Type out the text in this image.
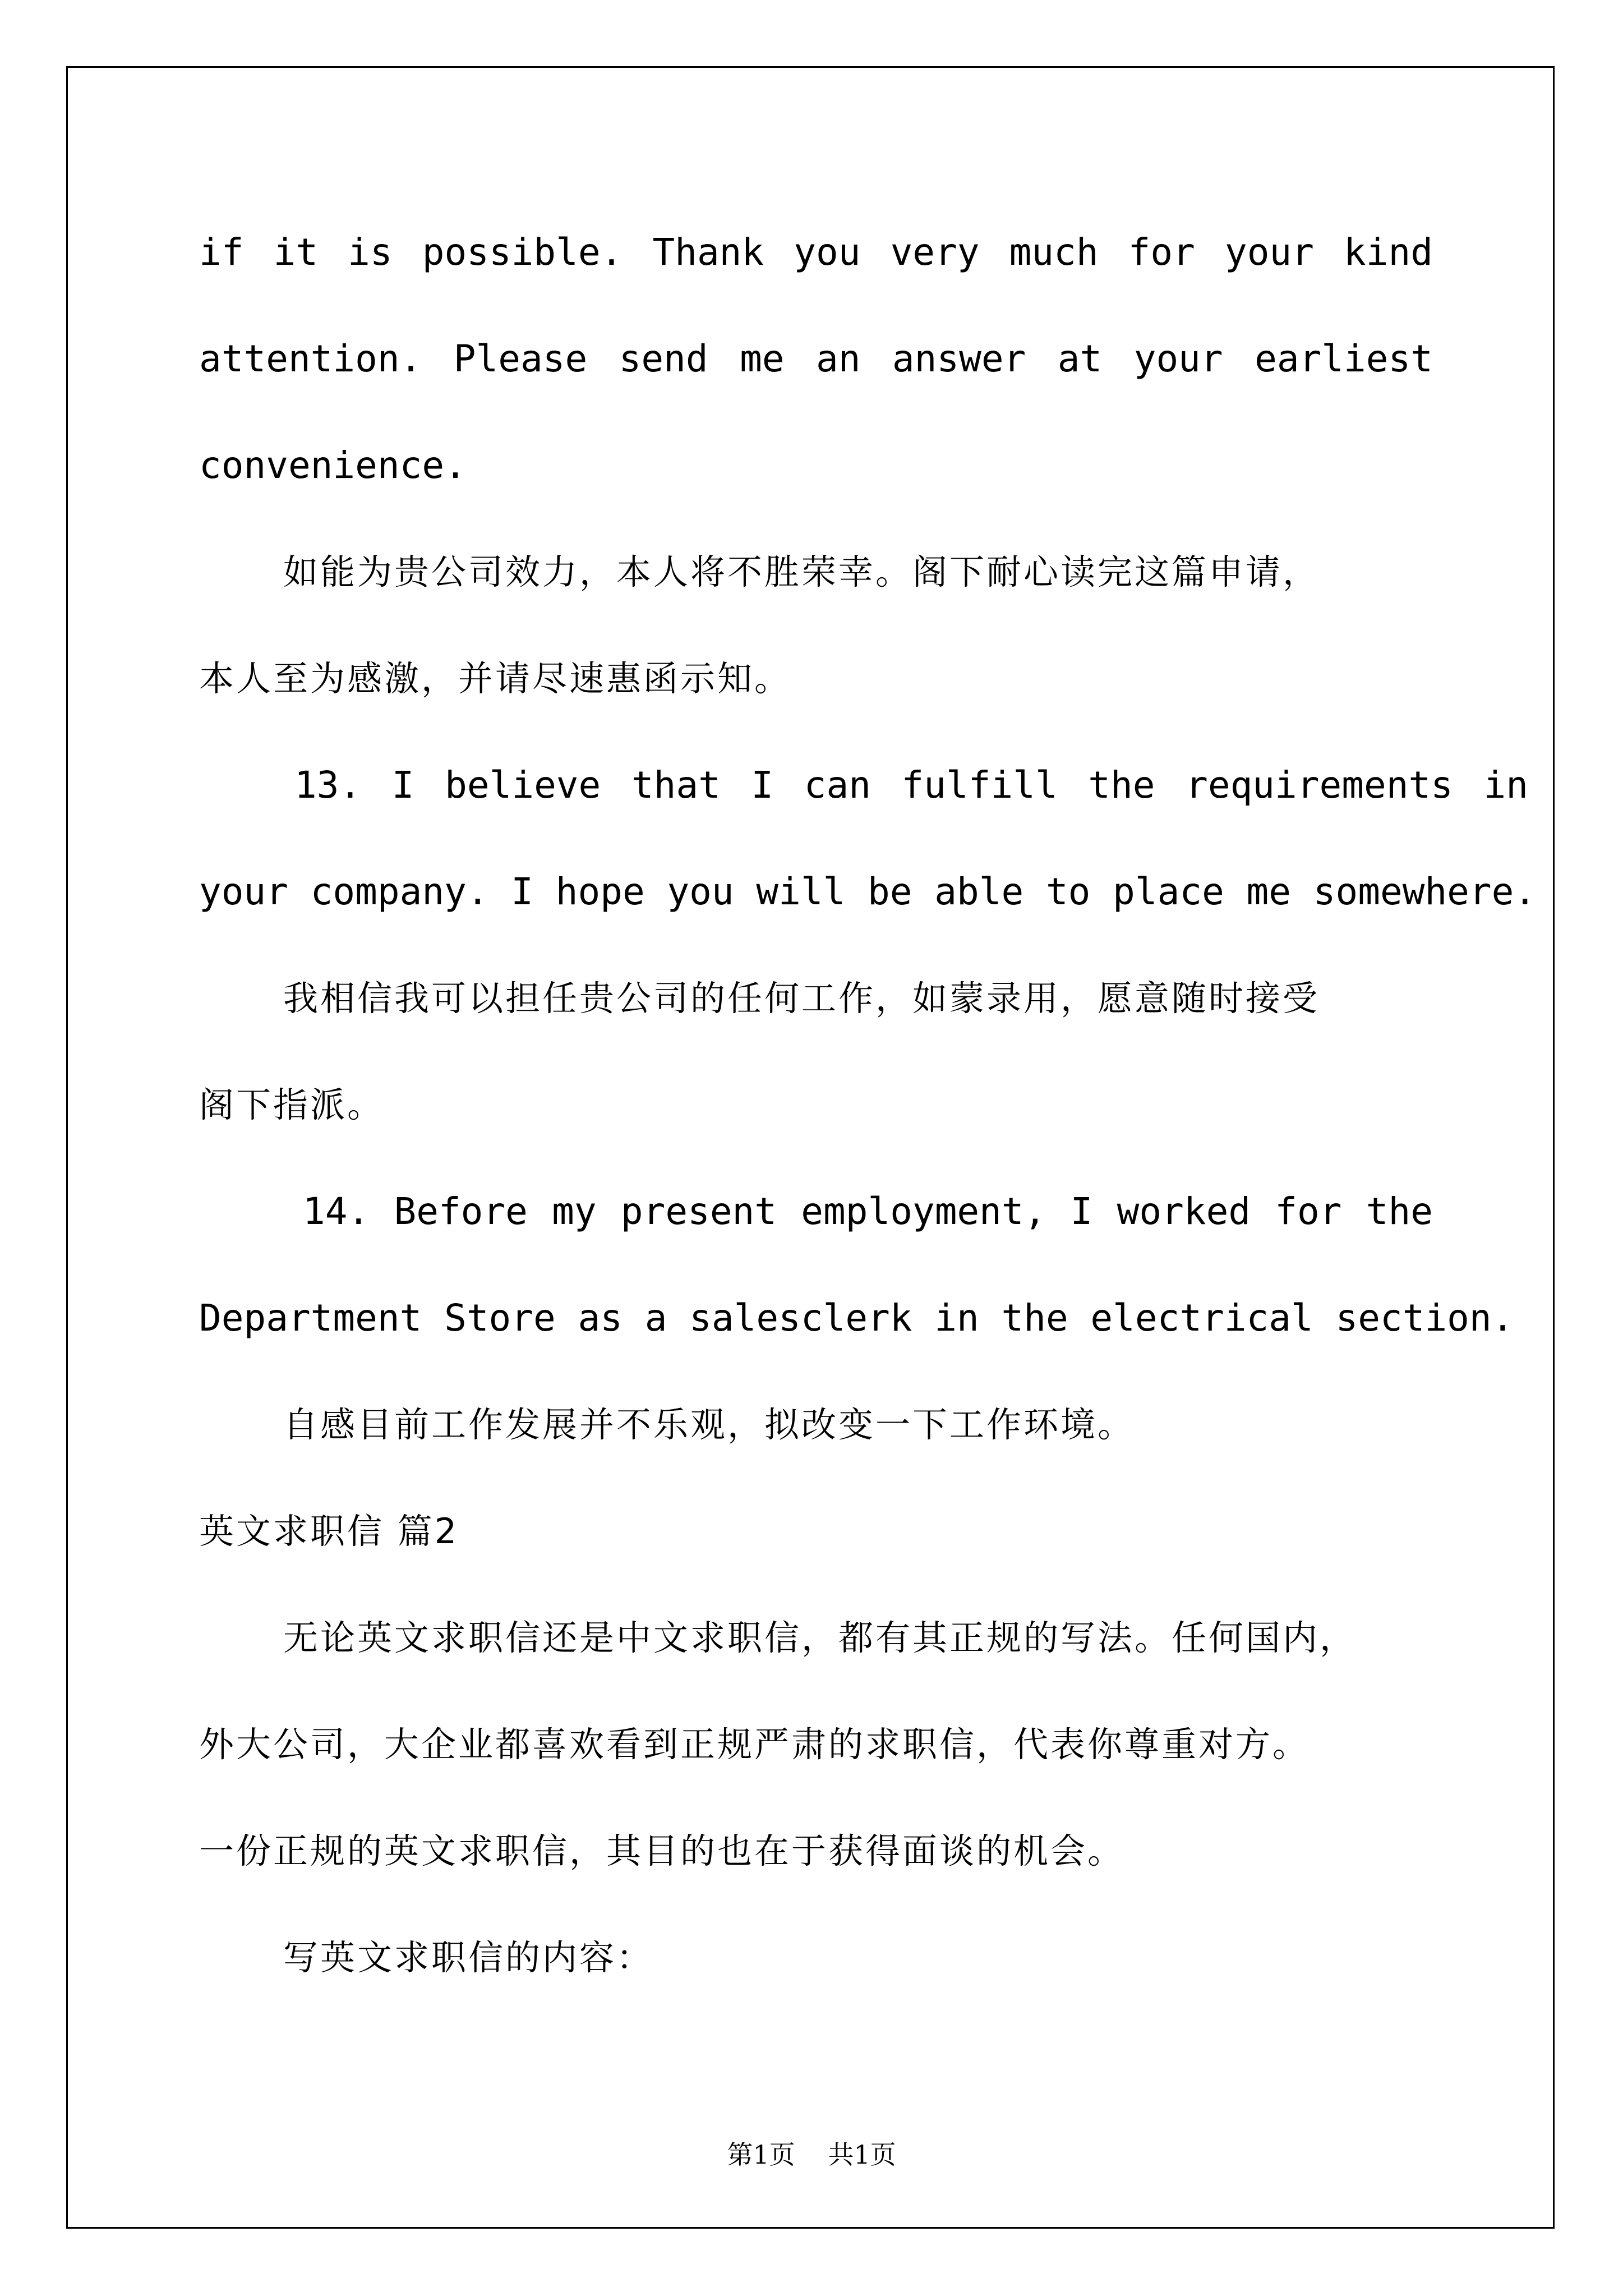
if it is possible. Thank you very much for your kind
attention. Please send me an answer at your earliest
convenience.
如能为贵公司效力，本人将不胜荣幸。阁下耐心读完这篇申请，
本人至为感激，并请尽速惠函示知。
13. I believe that I can fulfill the requirements in
your company. I hope you will be able to place me somewhere.
我相信我可以担任贵公司的任何工作，如蒙录用，愿意随时接受
阁下指派。
14. Before my present employment, I worked for the
Department Store as a salesclerk in the electrical section.
自感目前工作发展并不乐观，拟改变一下工作环境。
英文求职信 篇2
无论英文求职信还是中文求职信，都有其正规的写法。任何国内，
外大公司，大企业都喜欢看到正规严肃的求职信，代表你尊重对方。
一份正规的英文求职信，其目的也在于获得面谈的机会。
写英文求职信的内容：
第1页 共1页
